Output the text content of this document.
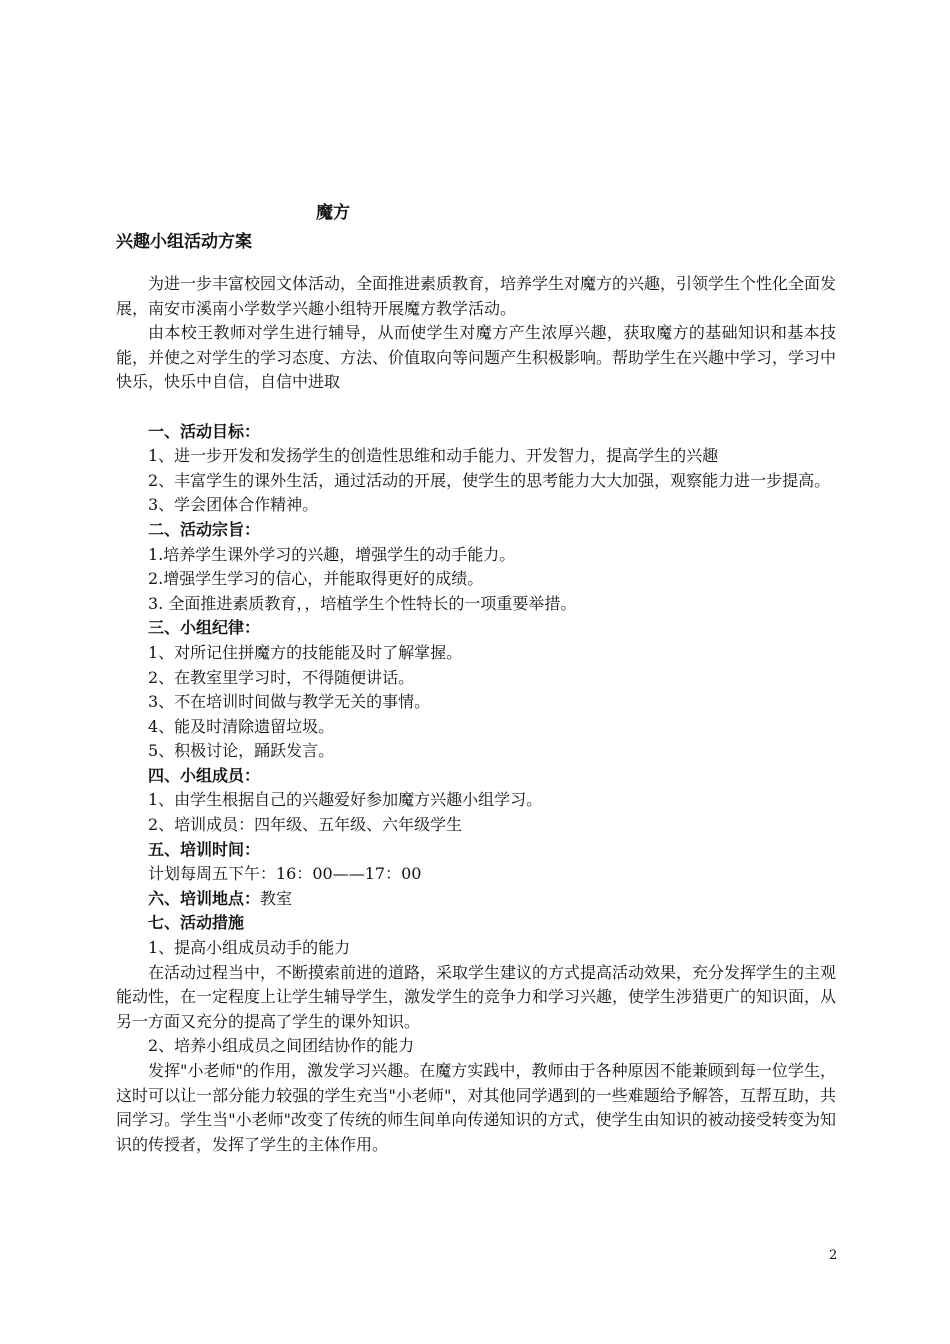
魔方
兴趣小组活动方案

为进一步丰富校园文体活动，全面推进素质教育，培养学生对魔方的兴趣，引领学生个性化全面发展，南安市溪南小学数学兴趣小组特开展魔方教学活动。

由本校王教师对学生进行辅导，从而使学生对魔方产生浓厚兴趣，获取魔方的基础知识和基本技能，并使之对学生的学习态度、方法、价值取向等问题产生积极影响。帮助学生在兴趣中学习，学习中快乐，快乐中自信，自信中进取

一、活动目标：

1、进一步开发和发扬学生的创造性思维和动手能力、开发智力，提高学生的兴趣

2、丰富学生的课外生活，通过活动的开展，使学生的思考能力大大加强，观察能力进一步提高。

3、学会团体合作精神。

二、活动宗旨：

1.培养学生课外学习的兴趣，增强学生的动手能力。

2.增强学生学习的信心，并能取得更好的成绩。

3. 全面推进素质教育，，培植学生个性特长的一项重要举措。

三、小组纪律：

1、对所记住拼魔方的技能能及时了解掌握。

2、在教室里学习时，不得随便讲话。

3、不在培训时间做与教学无关的事情。

4、能及时清除遗留垃圾。

5、积极讨论，踊跃发言。

四、小组成员：

1、由学生根据自己的兴趣爱好参加魔方兴趣小组学习。

2、培训成员：四年级、五年级、六年级学生

五、培训时间：

计划每周五下午：16：00——17：00

六、培训地点：教室

七、活动措施

1、提高小组成员动手的能力

在活动过程当中，不断摸索前进的道路，采取学生建议的方式提高活动效果，充分发挥学生的主观能动性，在一定程度上让学生辅导学生，激发学生的竞争力和学习兴趣，使学生涉猎更广的知识面，从另一方面又充分的提高了学生的课外知识。

2、培养小组成员之间团结协作的能力

发挥"小老师"的作用，激发学习兴趣。在魔方实践中，教师由于各种原因不能兼顾到每一位学生，这时可以让一部分能力较强的学生充当"小老师"，对其他同学遇到的一些难题给予解答，互帮互助，共同学习。学生当"小老师"改变了传统的师生间单向传递知识的方式，使学生由知识的被动接受转变为知识的传授者，发挥了学生的主体作用。

2
